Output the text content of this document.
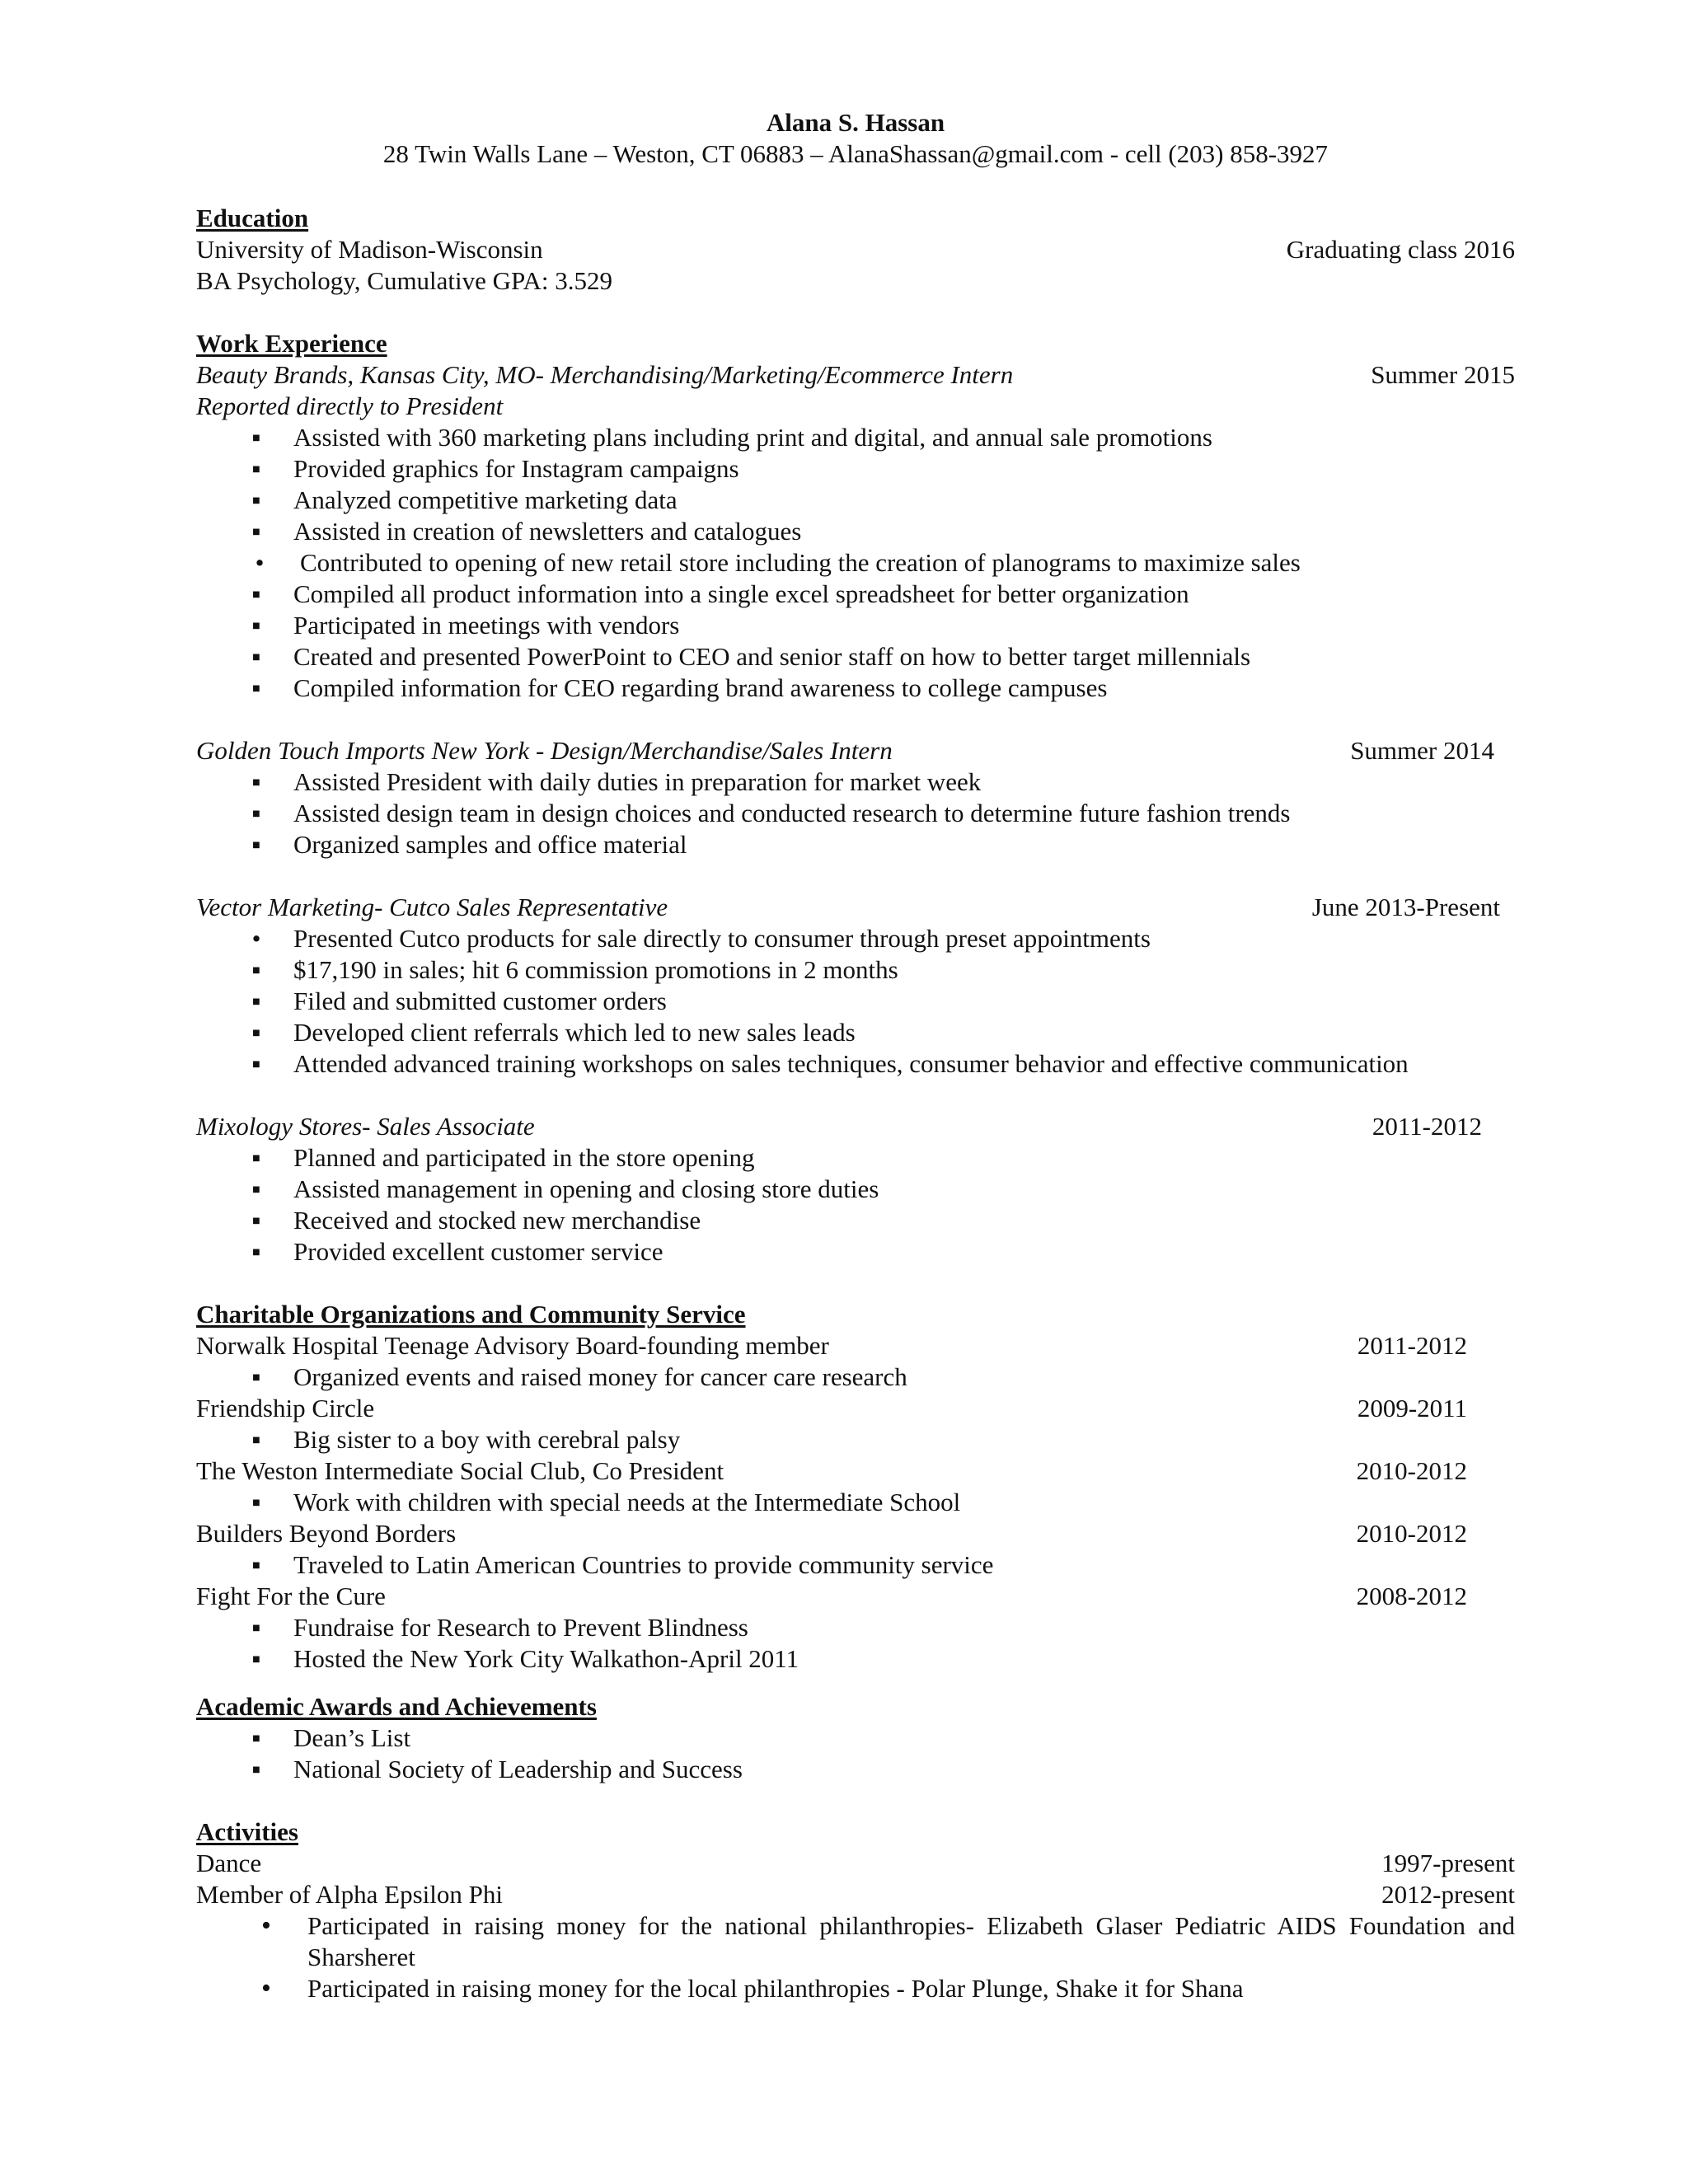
Alana S. Hassan
28 Twin Walls Lane – Weston, CT 06883 – AlanaShassan@gmail.com - cell (203) 858-3927
Education
University of Madison-Wisconsin	Graduating class 2016
BA Psychology, Cumulative GPA: 3.529
Work Experience
Beauty Brands, Kansas City, MO- Merchandising/Marketing/Ecommerce Intern	Summer 2015
Reported directly to President
▪	Assisted with 360 marketing plans including print and digital, and annual sale promotions
▪	Provided graphics for Instagram campaigns
▪	Analyzed competitive marketing data
▪	Assisted in creation of newsletters and catalogues
•	Contributed to opening of new retail store including the creation of planograms to maximize sales
▪	Compiled all product information into a single excel spreadsheet for better organization
▪	Participated in meetings with vendors
▪	Created and presented PowerPoint to CEO and senior staff on how to better target millennials
▪	Compiled information for CEO regarding brand awareness to college campuses
Golden Touch Imports New York - Design/Merchandise/Sales Intern	Summer 2014
▪	Assisted President with daily duties in preparation for market week
▪	Assisted design team in design choices and conducted research to determine future fashion trends
▪	Organized samples and office material
Vector Marketing- Cutco Sales Representative	June 2013-Present
•	Presented Cutco products for sale directly to consumer through preset appointments
▪	$17,190 in sales; hit 6 commission promotions in 2 months
▪	Filed and submitted customer orders
▪	Developed client referrals which led to new sales leads
▪	Attended advanced training workshops on sales techniques, consumer behavior and effective communication
Mixology Stores- Sales Associate	2011-2012
▪	Planned and participated in the store opening
▪	Assisted management in opening and closing store duties
▪	Received and stocked new merchandise
▪	Provided excellent customer service
Charitable Organizations and Community Service
Norwalk Hospital Teenage Advisory Board-founding member	2011-2012
▪	Organized events and raised money for cancer care research
Friendship Circle	2009-2011
▪	Big sister to a boy with cerebral palsy
The Weston Intermediate Social Club, Co President	2010-2012
▪	Work with children with special needs at the Intermediate School
Builders Beyond Borders	2010-2012
▪	Traveled to Latin American Countries to provide community service
Fight For the Cure	2008-2012
▪	Fundraise for Research to Prevent Blindness
▪	Hosted the New York City Walkathon-April 2011
Academic Awards and Achievements
▪	Dean’s List
▪	National Society of Leadership and Success
Activities
Dance	1997-present
Member of Alpha Epsilon Phi	2012-present
• Participated in raising money for the national philanthropies- Elizabeth Glaser Pediatric AIDS Foundation and Sharsheret
• Participated in raising money for the local philanthropies - Polar Plunge, Shake it for Shana
